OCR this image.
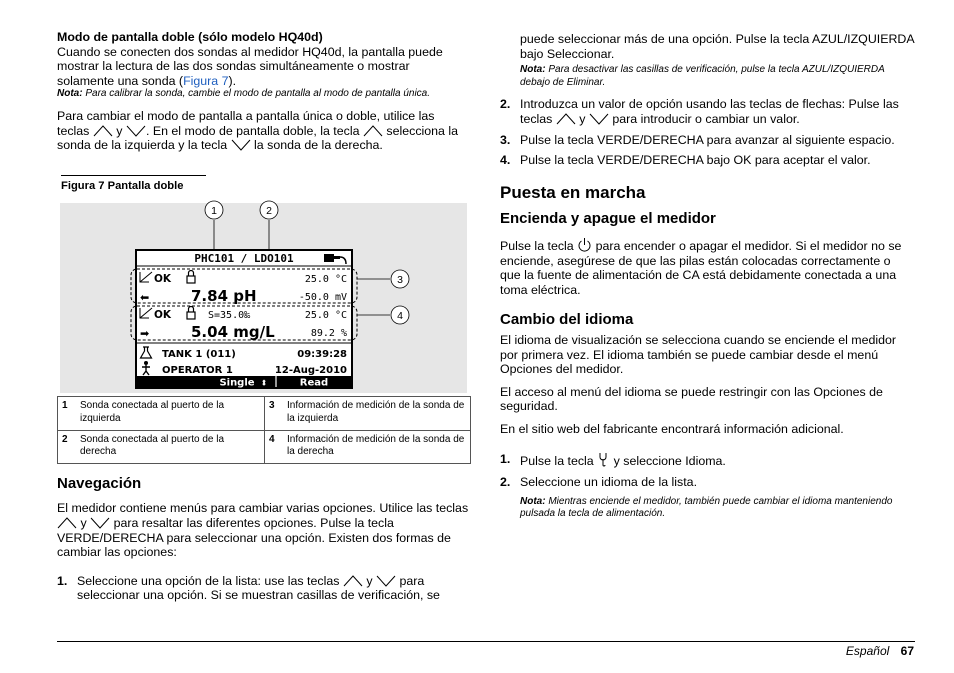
Modo de pantalla doble (sólo modelo HQ40d)

Cuando se conecten dos sondas al medidor HQ40d, la pantalla puede mostrar la lectura de las dos sondas simultáneamente o mostrar solamente una sonda (Figura 7).

Nota: Para calibrar la sonda, cambie el modo de pantalla al modo de pantalla única.

Para cambiar el modo de pantalla a pantalla única o doble, utilice las teclas y . En el modo de pantalla doble, la tecla selecciona la sonda de la izquierda y la tecla la sonda de la derecha.

Figura 7 Pantalla doble
1	2
PHC101 / LDO101
OK	25.0 °C
⬅	7.84 pH	-50.0 mV
OK	S=35.0‰	25.0 °C
➡	5.04 mg/L	89.2 %
TANK 1 (011)	09:39:28
OPERATOR 1	12-Aug-2010
Single ⬍	Read
3
4
1	Sonda conectada al puerto de la izquierda	3	Información de medición de la sonda de la izquierda
2	Sonda conectada al puerto de la derecha	4	Información de medición de la sonda de la derecha
Navegación

El medidor contiene menús para cambiar varias opciones. Utilice las teclas  y para resaltar las diferentes opciones. Pulse la tecla VERDE/DERECHA para seleccionar una opción. Existen dos formas de cambiar las opciones:

1. Seleccione una opción de la lista: use las teclas y para seleccionar una opción. Si se muestran casillas de verificación, se

puede seleccionar más de una opción. Pulse la tecla AZUL/IZQUIERDA bajo Seleccionar.

Nota: Para desactivar las casillas de verificación, pulse la tecla AZUL/IZQUIERDA debajo de Eliminar.
2. Introduzca un valor de opción usando las teclas de flechas: Pulse las teclas y para introducir o cambiar un valor.
3. Pulse la tecla VERDE/DERECHA para avanzar al siguiente espacio.
4. Pulse la tecla VERDE/DERECHA bajo OK para aceptar el valor.
Puesta en marcha
Encienda y apague el medidor

Pulse la tecla para encender o apagar el medidor. Si el medidor no se enciende, asegúrese de que las pilas están colocadas correctamente o que la fuente de alimentación de CA está debidamente conectada a una toma eléctrica.

Cambio del idioma

El idioma de visualización se selecciona cuando se enciende el medidor por primera vez. El idioma también se puede cambiar desde el menú Opciones del medidor.

El acceso al menú del idioma se puede restringir con las Opciones de seguridad.

En el sitio web del fabricante encontrará información adicional.

1. Pulse la tecla y seleccione Idioma.
2. Seleccione un idioma de la lista.
Nota: Mientras enciende el medidor, también puede cambiar el idioma manteniendo pulsada la tecla de alimentación.
Español 67
